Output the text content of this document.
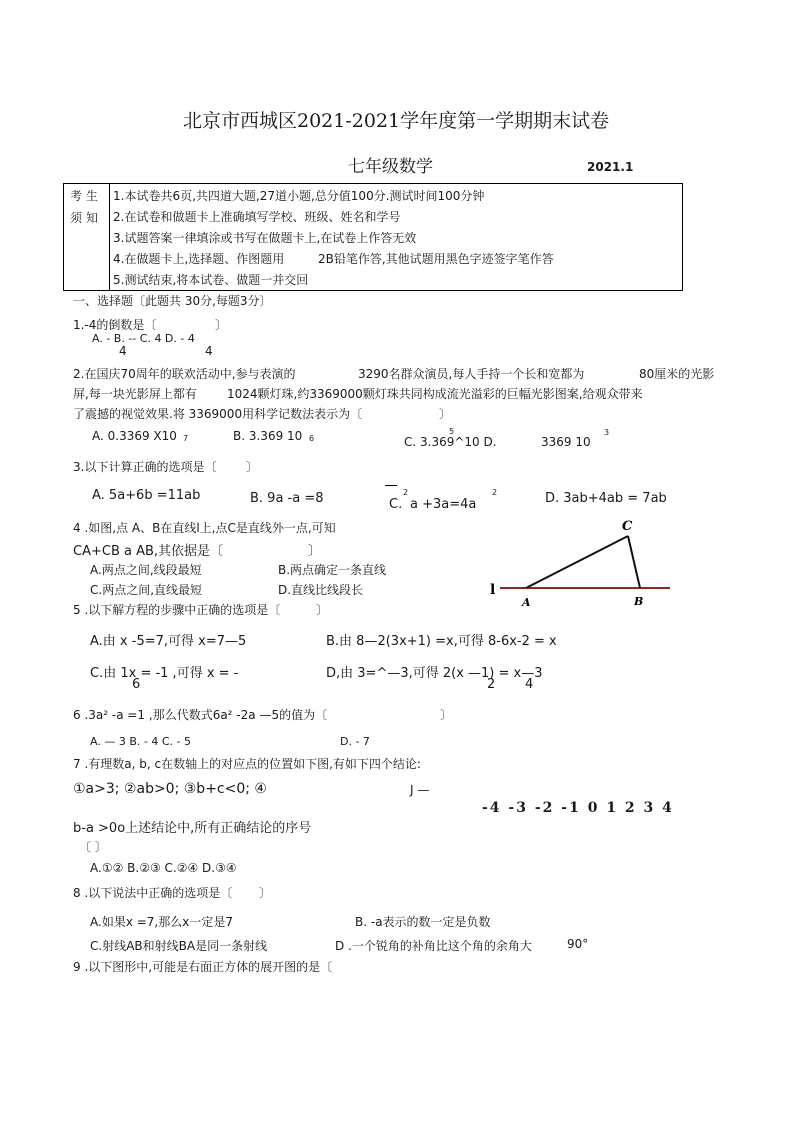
北京市西城区2021-2021学年度第一学期期末试卷
七年级数学	2021.1
考 生
须 知
1.本试卷共6页,共四道大题,27道小题,总分值100分.测试时间100分钟
2.在试卷和做题卡上准确填写学校、班级、姓名和学号
3.试题答案一律填涂或书写在做题卡上,在试卷上作答无效
4.在做题卡上,选择题、作图题用	2B铅笔作答,其他试题用黑色字迹签字笔作答
5.测试结束,将本试卷、做题一并交回
一、选择题〔此题共 30分,每题3分〕
1.-4的倒数是〔	〕
A. - B. -- C. 4 D. - 4
4	4
2.在国庆70周年的联欢活动中,参与表演的	3290名群众演员,每人手持一个长和宽都为	80厘米的光影
屏,每一块光影屏上都有	1024颗灯珠,约3369000颗灯珠共同构成流光溢彩的巨幅光影图案,给观众带来
了震撼的视觉效果.将 3369000用科学记数法表示为〔	〕
A. 0.3369 X10 7	B. 3.369 10 6	C. 3.369^10 D.
5
3369 10
3
3.以下计算正确的选项是〔 〕
A. 5a+6b =11ab	B. 9a -a =8	C.
2
a +3a=4a
2	D. 3ab+4ab = 7ab
4 .如图,点 A、B在直线l上,点C是直线外一点,可知
CA+CB a AB,其依据是〔	〕
A.两点之间,线段最短	B.两点确定一条直线
C.两点之间,直线最短	D.直线比线段长	l
A	B
C
5 .以下解方程的步骤中正确的选项是〔	〕
A.由 x -5=7,可得 x=7—5	B.由 8—2(3x+1) =x,可得 8-6x-2 = x
C.由 1x = -1 ,可得 x = -
6
D,由 3=^—3,可得 2(x —1) = x—3
2 4
6 .3a² -a =1 ,那么代数式6a² -2a —5的值为〔	〕
A. — 3 B. - 4 C. - 5	D. - 7
7 .有理数a, b, c在数轴上的对应点的位置如下图,有如下四个结论:
①a>3; ②ab>0; ③b+c<0; ④	J —
-4 -3 -2 -1 0 1 2 3 4
b-a >0o上述结论中,所有正确结论的序号
〔 〕
A.①② B.②③ C.②④ D.③④
8 .以下说法中正确的选项是〔 〕
A.如果x =7,那么x一定是7	B. -a表示的数一定是负数
C.射线AB和射线BA是同一条射线	D .一个锐角的补角比这个角的余角大	90°
9 .以下图形中,可能是右面正方体的展开图的是〔
